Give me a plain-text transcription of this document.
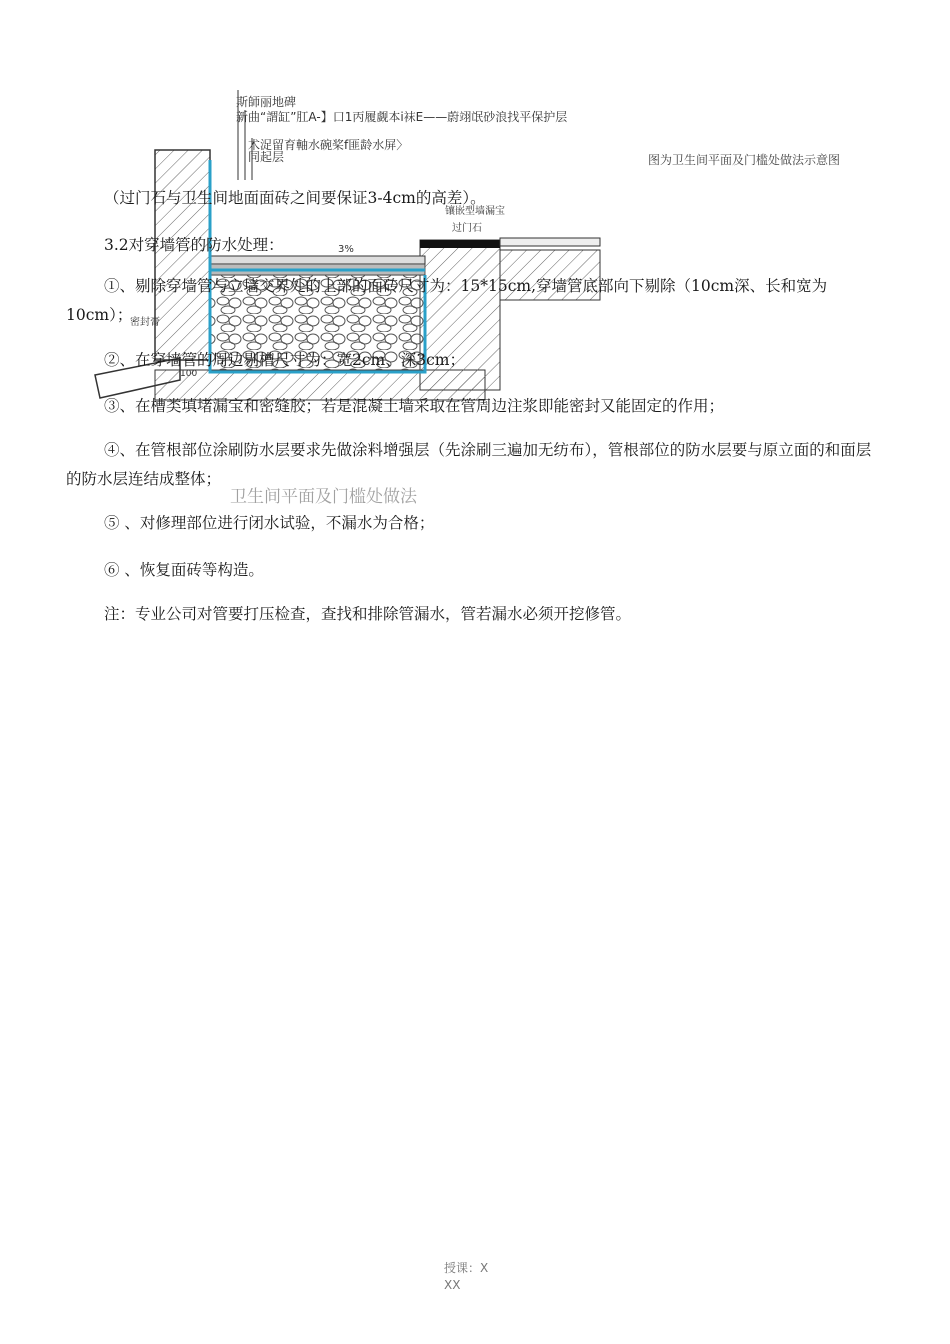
3%
镶嵌型墙漏宝
过门石
密封膏
100
斯師丽地碑
新曲“謂缸”肛A-】口1丙履觑本i袜E——蔚翊氓砂浪找平保护层
术浞留育軸水碗桨f匪龄水屏〉
同起层	图为卫生间平面及门槛处做法示意图
卫生间平面及门槛处做法
（过门石与卫生间地面面砖之间要保证3-4cm的高差）。
3.2对穿墙管的防水处理：
①、剔除穿墙管与立墙交界处的上部的面砖尺寸为：15*15cm,穿墙管底部向下剔除（10cm深、长和宽为10cm）；
②、在穿墙管的周边剔槽尺寸为：宽2cm、深3cm；
③、在槽类填堵漏宝和密缝胶；若是混凝土墙采取在管周边注浆即能密封又能固定的作用；
④、在管根部位涂刷防水层要求先做涂料增强层（先涂刷三遍加无纺布），管根部位的防水层要与原立面的和面层的防水层连结成整体；
⑤ 、对修理部位进行闭水试验，不漏水为合格；
⑥ 、恢复面砖等构造。
注：专业公司对管要打压检查，查找和排除管漏水，管若漏水必须开挖修管。
授课：X
XX
